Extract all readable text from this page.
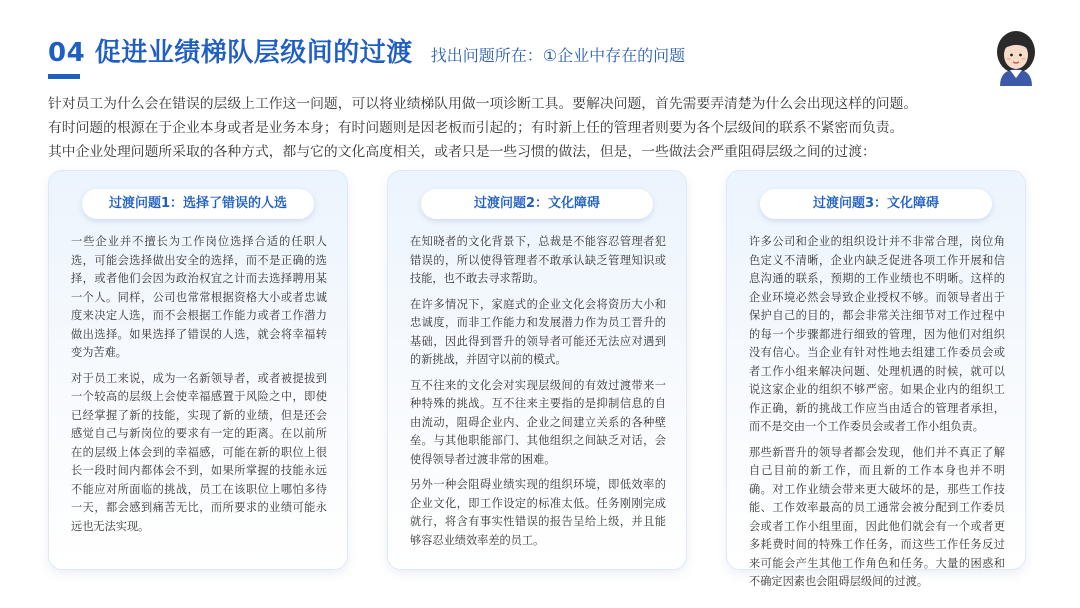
04 促进业绩梯队层级间的过渡 找出问题所在：①企业中存在的问题

针对员工为什么会在错误的层级上工作这一问题，可以将业绩梯队用做一项诊断工具。要解决问题，首先需要弄清楚为什么会出现这样的问题。

有时问题的根源在于企业本身或者是业务本身；有时问题则是因老板而引起的；有时新上任的管理者则要为各个层级间的联系不紧密而负责。

其中企业处理问题所采取的各种方式，都与它的文化高度相关，或者只是一些习惯的做法，但是，一些做法会严重阻碍层级之间的过渡：

过渡问题1：选择了错误的人选

一些企业并不擅长为工作岗位选择合适的任职人选，可能会选择做出安全的选择，而不是正确的选择，或者他们会因为政治权宜之计而去选择聘用某一个人。同样，公司也常常根据资格大小或者忠诚度来决定人选，而不会根据工作能力或者工作潜力做出选择。如果选择了错误的人选，就会将幸福转变为苦难。

对于员工来说，成为一名新领导者，或者被提拔到一个较高的层级上会使幸福感置于风险之中，即使已经掌握了新的技能，实现了新的业绩，但是还会感觉自己与新岗位的要求有一定的距离。在以前所在的层级上体会到的幸福感，可能在新的职位上很长一段时间内都体会不到，如果所掌握的技能永远不能应对所面临的挑战，员工在该职位上哪怕多待一天，都会感到痛苦无比，而所要求的业绩可能永远也无法实现。

过渡问题2：文化障碍

在知晓者的文化背景下，总裁是不能容忍管理者犯错误的，所以使得管理者不敢承认缺乏管理知识或技能，也不敢去寻求帮助。

在许多情况下，家庭式的企业文化会将资历大小和忠诚度，而非工作能力和发展潜力作为员工晋升的基础，因此得到晋升的领导者可能还无法应对遇到的新挑战，并固守以前的模式。

互不往来的文化会对实现层级间的有效过渡带来一种特殊的挑战。互不往来主要指的是抑制信息的自由流动，阻碍企业内、企业之间建立关系的各种壁垒。与其他职能部门、其他组织之间缺乏对话，会使得领导者过渡非常的困难。

另外一种会阻碍业绩实现的组织环境，即低效率的企业文化，即工作设定的标准太低。任务刚刚完成就行，将含有事实性错误的报告呈给上级，并且能够容忍业绩效率差的员工。

过渡问题3：文化障碍

许多公司和企业的组织设计并不非常合理，岗位角色定义不清晰，企业内缺乏促进各项工作开展和信息沟通的联系，预期的工作业绩也不明晰。这样的企业环境必然会导致企业授权不够。而领导者出于保护自己的目的，都会非常关注细节对工作过程中的每一个步骤都进行细致的管理，因为他们对组织没有信心。当企业有针对性地去组建工作委员会或者工作小组来解决问题、处理机遇的时候，就可以说这家企业的组织不够严密。如果企业内的组织工作正确，新的挑战工作应当由适合的管理者承担，而不是交由一个工作委员会或者工作小组负责。

那些新晋升的领导者都会发现，他们并不真正了解自己目前的新工作，而且新的工作本身也并不明确。对工作业绩会带来更大破坏的是，那些工作技能、工作效率最高的员工通常会被分配到工作委员会或者工作小组里面，因此他们就会有一个或者更多耗费时间的特殊工作任务，而这些工作任务反过来可能会产生其他工作角色和任务。大量的困惑和不确定因素也会阻碍层级间的过渡。
